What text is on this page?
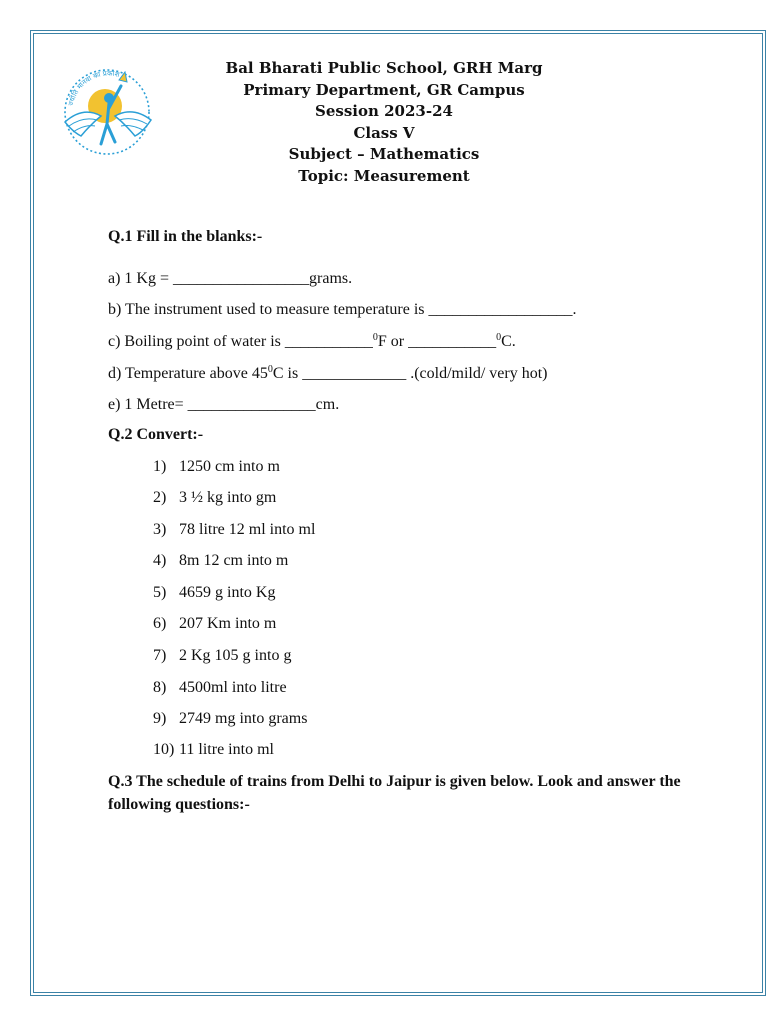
ज्योति मानवा का प्रकाश	Bal Bharati Public School, GRH Marg
Primary Department, GR Campus
Session 2023-24
Class V
Subject – Mathematics
Topic: Measurement
Q.1 Fill in the blanks:-
a) 1 Kg = _________________grams.
b) The instrument used to measure temperature is __________________.
c) Boiling point of water is ___________$^0$F or ___________$^0$C.
d) Temperature above $45^0C$ is _____________ .(cold/mild/ very hot)
e) 1 Metre= ________________cm.
Q.2 Convert:-
1) 1250 cm into m
2) 3 ½ kg into gm
3) 78 litre 12 ml into ml
4) 8m 12 cm into m
5) 4659 g into Kg
6) 207 Km into m
7) 2 Kg 105 g into g
8) 4500ml into litre
9) 2749 mg into grams
10) 11 litre into ml
Q.3 The schedule of trains from Delhi to Jaipur is given below. Look and answer the following questions:-
